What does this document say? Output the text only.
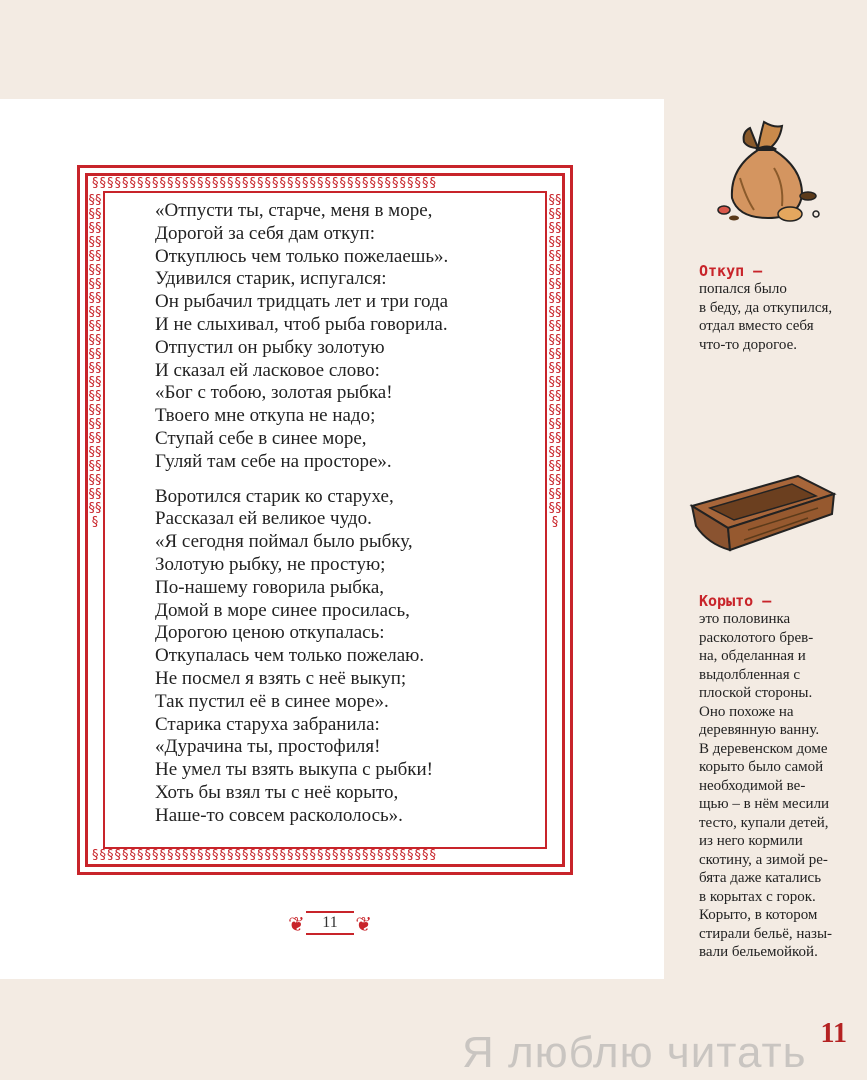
§§§§§§§§§§§§§§§§§§§§§§§§§§§§§§§§§§§§§§§§§§§§§§
§§§§§§§§§§§§§§§§§§§§§§§§§§§§§§§§§§§§§§§§§§§§§§
§§§§§§§§§§§§§§§§§§§§§§§§§§§§§§§§§§§§§§§§§§§§§§§
§§§§§§§§§§§§§§§§§§§§§§§§§§§§§§§§§§§§§§§§§§§§§§§
«Отпусти ты, старче, меня в море,
Дорогой за себя дам откуп:
Откуплюсь чем только пожелаешь».
Удивился старик, испугался:
Он рыбачил тридцать лет и три года
И не слыхивал, чтоб рыба говорила.
Отпустил он рыбку золотую
И сказал ей ласковое слово:
«Бог с тобою, золотая рыбка!
Твоего мне откупа не надо;
Ступай себе в синее море,
Гуляй там себе на просторе».
Воротился старик ко старухе,
Рассказал ей великое чудо.
«Я сегодня поймал было рыбку,
Золотую рыбку, не простую;
По-нашему говорила рыбка,
Домой в море синее просилась,
Дорогою ценою откупалась:
Откупалась чем только пожелаю.
Не посмел я взять с неё выкуп;
Так пустил её в синее море».
Старика старуха забранила:
«Дурачина ты, простофиля!
Не умел ты взять выкупа с рыбки!
Хоть бы взял ты с неё корыто,
Наше-то совсем раскололось».
❦	11 ❦
Откуп –
попался было
в беду, да откупился,
отдал вместо себя
что-то дорогое.
Корыто –
это половинка
расколотого брев-
на, обделанная и
выдолбленная с
плоской стороны.
Оно похоже на
деревянную ванну.
В деревенском доме
корыто было самой
необходимой ве-
щью – в нём месили
тесто, купали детей,
из него кормили
скотину, а зимой ре-
бята даже катались
в корытах с горок.
Корыто, в котором
стирали бельё, назы-
вали бельемойкой.
11
Я люблю читать
